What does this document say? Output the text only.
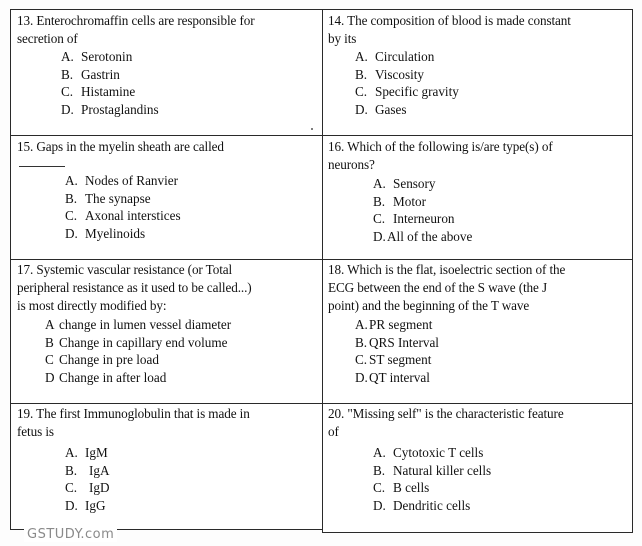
13. Enterochromaffin cells are responsible for
secretion of
A. Serotonin
B. Gastrin
C. Histamine
D. Prostaglandins
14. The composition of blood is made constant
by its
A. Circulation
B. Viscosity
C. Specific gravity
D. Gases
15. Gaps in the myelin sheath are called
A. Nodes of Ranvier
B. The synapse
C. Axonal interstices
D. Myelinoids
16. Which of the following is/are type(s) of
neurons?
A. Sensory
B. Motor
C. Interneuron
D. All of the above
17. Systemic vascular resistance (or Total
peripheral resistance as it used to be called...)
is most directly modified by:
A change in lumen vessel diameter
B Change in capillary end volume
C Change in pre load
D Change in after load
18. Which is the flat, isoelectric section of the
ECG between the end of the S wave (the J
point) and the beginning of the T wave
A. PR segment
B. QRS Interval
C. ST segment
D. QT interval
19. The first Immunoglobulin that is made in
fetus is
A. IgM
B. IgA
C. IgD
D. IgG
20. "Missing self" is the characteristic feature
of
A. Cytotoxic T cells
B. Natural killer cells
C. B cells
D. Dendritic cells
GSTUDY.com
